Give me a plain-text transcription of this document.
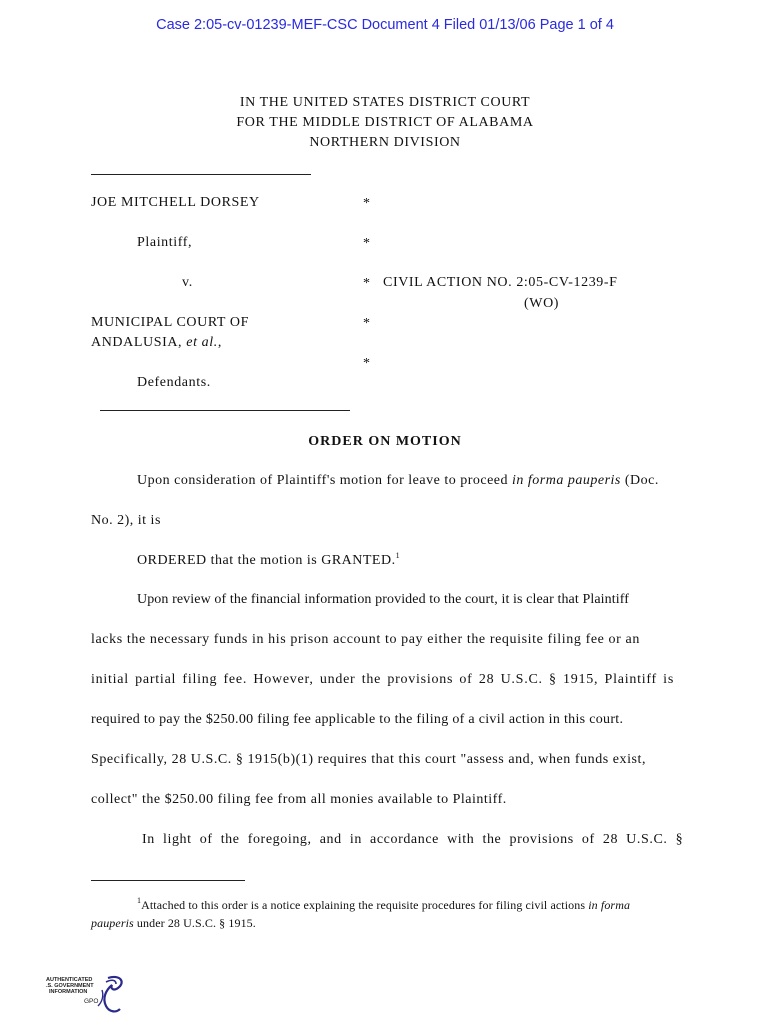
Case 2:05-cv-01239-MEF-CSC Document 4 Filed 01/13/06 Page 1 of 4
IN THE UNITED STATES DISTRICT COURT
FOR THE MIDDLE DISTRICT OF ALABAMA
NORTHERN DIVISION
JOE MITCHELL DORSEY
Plaintiff,
v.
MUNICIPAL COURT OF
ANDALUSIA, et al.,
Defendants.
*
*
*
*
*
CIVIL ACTION NO. 2:05-CV-1239-F
(WO)
ORDER ON MOTION
Upon consideration of Plaintiff's motion for leave to proceed in forma pauperis (Doc.
No. 2), it is
ORDERED that the motion is GRANTED.$^1$
Upon review of the financial information provided to the court, it is clear that Plaintiff
lacks the necessary funds in his prison account to pay either the requisite filing fee or an
initial partial filing fee. However, under the provisions of 28 U.S.C. § 1915, Plaintiff is
required to pay the $250.00 filing fee applicable to the filing of a civil action in this court.
Specifically, 28 U.S.C. § 1915(b)(1) requires that this court "assess and, when funds exist,
collect" the $250.00 filing fee from all monies available to Plaintiff.
In light of the foregoing, and in accordance with the provisions of 28 U.S.C. §
$^1$Attached to this order is a notice explaining the requisite procedures for filing civil actions in forma
pauperis under 28 U.S.C. § 1915.
AUTHENTICATED
U.S. GOVERNMENT
INFORMATION
GPO
